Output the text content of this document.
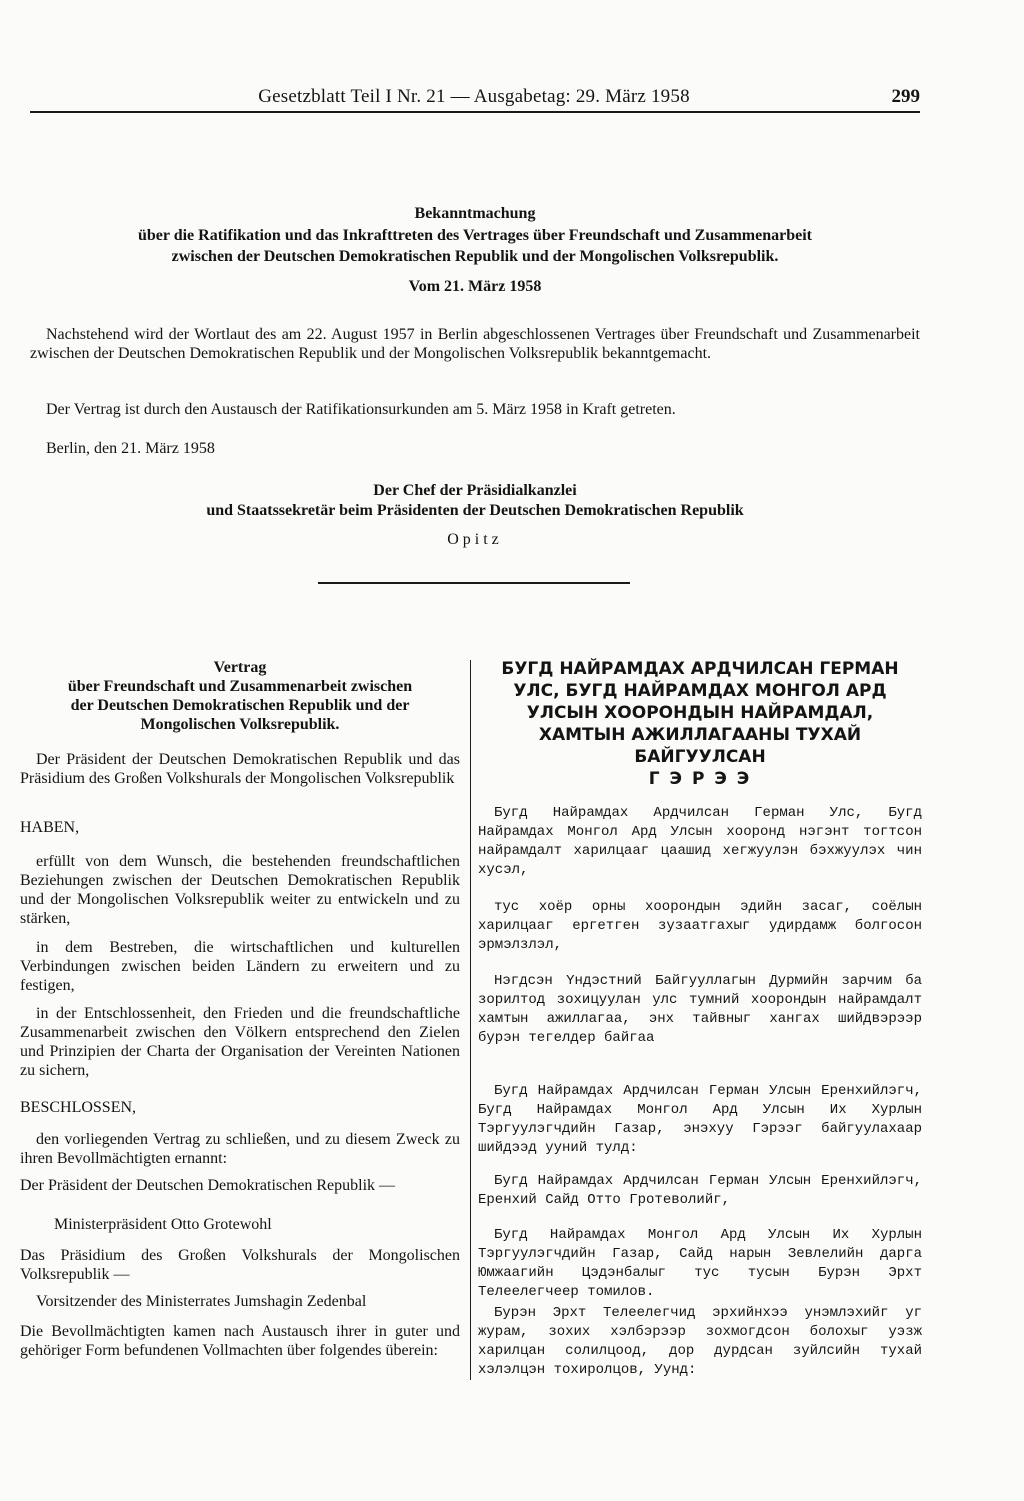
Gesetzblatt Teil I Nr. 21 — Ausgabetag: 29. März 1958	299
Bekanntmachung
über die Ratifikation und das Inkrafttreten des Vertrages über Freundschaft und Zusammenarbeit
zwischen der Deutschen Demokratischen Republik und der Mongolischen Volksrepublik.
Vom 21. März 1958
Nachstehend wird der Wortlaut des am 22. August 1957 in Berlin abgeschlossenen Vertrages über Freundschaft und Zusammenarbeit zwischen der Deutschen Demokratischen Republik und der Mongolischen Volksrepublik bekanntgemacht.
Der Vertrag ist durch den Austausch der Ratifikationsurkunden am 5. März 1958 in Kraft getreten.
Berlin, den 21. März 1958
Der Chef der Präsidialkanzlei
und Staatssekretär beim Präsidenten der Deutschen Demokratischen Republik
Opitz
Vertrag
über Freundschaft und Zusammenarbeit zwischen
der Deutschen Demokratischen Republik und der
Mongolischen Volksrepublik.
Der Präsident der Deutschen Demokratischen Republik und das Präsidium des Großen Volkshurals der Mongolischen Volksrepublik
HABEN,
erfüllt von dem Wunsch, die bestehenden freundschaftlichen Beziehungen zwischen der Deutschen Demokratischen Republik und der Mongolischen Volksrepublik weiter zu entwickeln und zu stärken,
in dem Bestreben, die wirtschaftlichen und kulturellen Verbindungen zwischen beiden Ländern zu erweitern und zu festigen,
in der Entschlossenheit, den Frieden und die freundschaftliche Zusammenarbeit zwischen den Völkern entsprechend den Zielen und Prinzipien der Charta der Organisation der Vereinten Nationen zu sichern,
BESCHLOSSEN,
den vorliegenden Vertrag zu schließen, und zu diesem Zweck zu ihren Bevollmächtigten ernannt:
Der Präsident der Deutschen Demokratischen Republik —
Ministerpräsident Otto Grotewohl
Das Präsidium des Großen Volkshurals der Mongolischen Volksrepublik —
Vorsitzender des Ministerrates Jumshagin Zedenbal
Die Bevollmächtigten kamen nach Austausch ihrer in guter und gehöriger Form befundenen Vollmachten über folgendes überein:
БУГД НАЙРАМДАХ АРДЧИЛСАН ГЕРМАН
УЛС, БУГД НАЙРАМДАХ МОНГОЛ АРД
УЛСЫН ХООРОНДЫН НАЙРАМДАЛ,
ХАМТЫН АЖИЛЛАГААНЫ ТУХАЙ
БАЙГУУЛСАН
Г Э Р Э Э
Бугд Найрамдах Ардчилсан Герман Улс, Бугд Найрамдах Монгол Ард Улсын хооронд нэгэнт тогтсон найрамдалт харилцааг цаашид хегжуулэн бэхжуулэх чин хусэл,
тус хоёр орны хоорондын эдийн засаг, соёлын харилцааг ергетген зузаатгахыг удирдамж болгосон эрмэлзлэл,
Нэгдсэн Үндэстний Байгууллагын Дурмийн зарчим ба зорилтод зохицуулан улс тумний хоорондын найрамдалт хамтын ажиллагаа, энх тайвныг хангах шийдвэрээр бурэн тегелдер байгаа
Бугд Найрамдах Ардчилсан Герман Улсын Еренхийлэгч, Бугд Найрамдах Монгол Ард Улсын Их Хурлын Тэргуулэгчдийн Газар, энэхуу Гэрээг байгуулахаар шийдээд ууний тулд:
Бугд Найрамдах Ардчилсан Герман Улсын Еренхийлэгч, Еренхий Сайд Отто Гротеволийг,
Бугд Найрамдах Монгол Ард Улсын Их Хурлын Тэргуулэгчдийн Газар, Сайд нарын Зевлелийн дарга Юмжаагийн Цэдэнбалыг тус тусын Бурэн Эрхт Телеелегчеер томилов.
Бурэн Эрхт Телеелегчид эрхийнхээ унэмлэхийг уг журам, зохих хэлбэрээр зохмогдсон болохыг уэзж харилцан солилцоод, дор дурдсан зуйлсийн тухай хэлэлцэн тохиролцов, Уунд:
